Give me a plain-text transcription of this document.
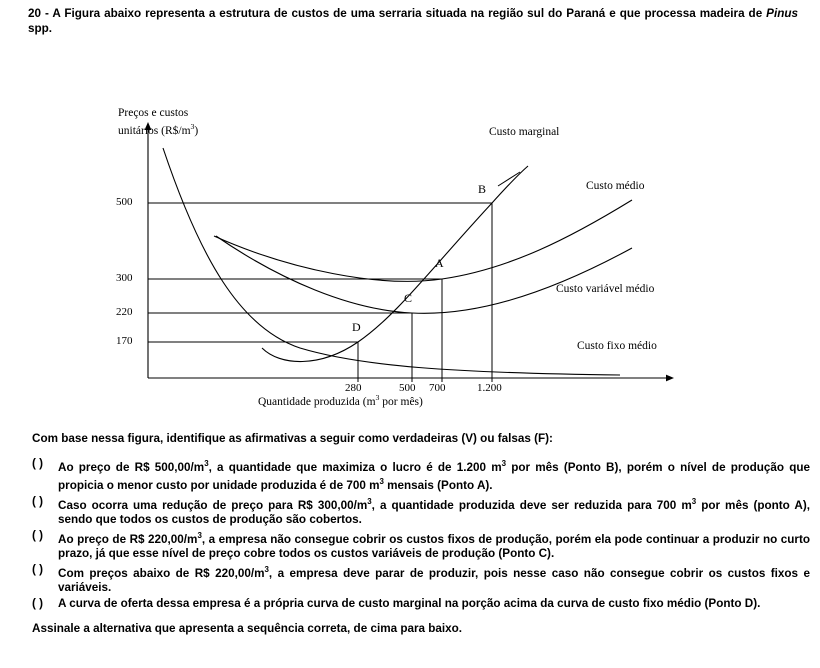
20 - A Figura abaixo representa a estrutura de custos de uma serraria situada na região sul do Paraná e que processa madeira de Pinus spp.
Preços e custos
unitários $(R\$/m^3)$
Quantidade produzida ($m^3$ por mês)
500
300
220
170
280	500 700	1.200
Custo marginal
Custo médio
Custo variável médio
Custo fixo médio
A
B
C
D
Com base nessa figura, identifique as afirmativas a seguir como verdadeiras (V) ou falsas (F):
( )	Ao preço de R$ $500,00/m^3$, a quantidade que maximiza o lucro é de 1.200 $m^3$ por mês (Ponto B), porém o nível de produção que propicia o menor custo por unidade produzida é de 700 $m^3$ mensais (Ponto A).
( )	Caso ocorra uma redução de preço para R$ $300,00/m^3$, a quantidade produzida deve ser reduzida para 700 $m^3$ por mês (ponto A), sendo que todos os custos de produção são cobertos.
( )	Ao preço de R$ $220,00/m^3$, a empresa não consegue cobrir os custos fixos de produção, porém ela pode continuar a produzir no curto prazo, já que esse nível de preço cobre todos os custos variáveis de produção (Ponto C).
( )	Com preços abaixo de R$ $220,00/m^3$, a empresa deve parar de produzir, pois nesse caso não consegue cobrir os custos fixos e variáveis.
( )	A curva de oferta dessa empresa é a própria curva de custo marginal na porção acima da curva de custo fixo médio (Ponto D).
Assinale a alternativa que apresenta a sequência correta, de cima para baixo.
